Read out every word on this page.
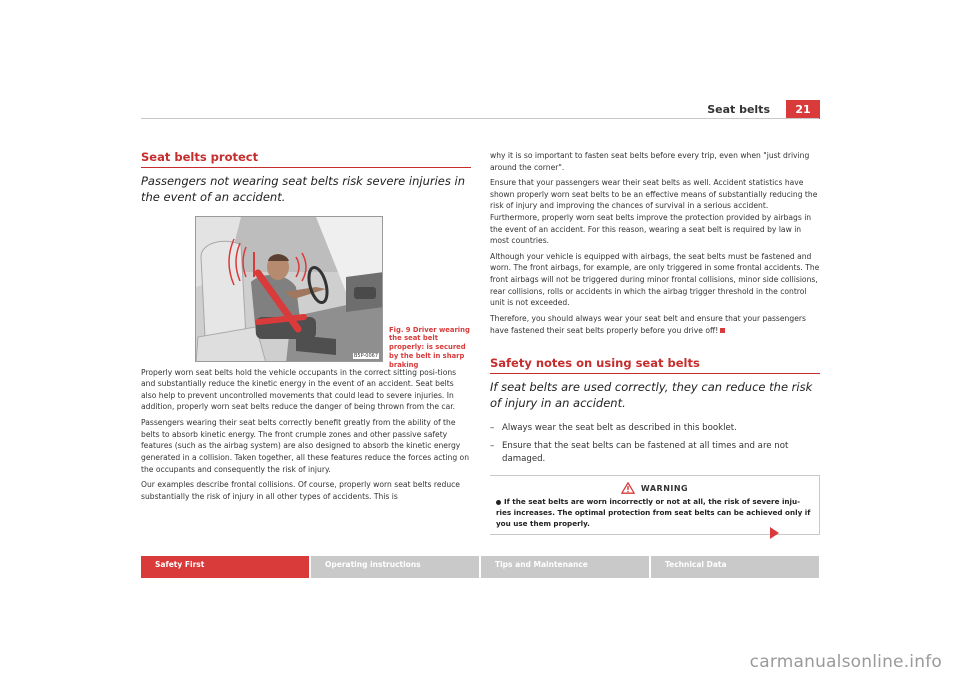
Seat belts	21
Seat belts protect
Passengers not wearing seat belts risk severe injuries in the event of an accident.
B5P-0067
Fig. 9 Driver wearing the seat belt properly: is secured by the belt in sharp braking

Properly worn seat belts hold the vehicle occupants in the correct sitting posi-tions and substantially reduce the kinetic energy in the event of an accident. Seat belts also help to prevent uncontrolled movements that could lead to severe injuries. In addition, properly worn seat belts reduce the danger of being thrown from the car.

Passengers wearing their seat belts correctly benefit greatly from the ability of the belts to absorb kinetic energy. The front crumple zones and other passive safety features (such as the airbag system) are also designed to absorb the kinetic energy generated in a collision. Taken together, all these features reduce the forces acting on the occupants and consequently the risk of injury.

Our examples describe frontal collisions. Of course, properly worn seat belts reduce substantially the risk of injury in all other types of accidents. This is

why it is so important to fasten seat belts before every trip, even when "just driving around the corner".

Ensure that your passengers wear their seat belts as well. Accident statistics have shown properly worn seat belts to be an effective means of substantially reducing the risk of injury and improving the chances of survival in a serious accident. Furthermore, properly worn seat belts improve the protection provided by airbags in the event of an accident. For this reason, wearing a seat belt is required by law in most countries.

Although your vehicle is equipped with airbags, the seat belts must be fastened and worn. The front airbags, for example, are only triggered in some frontal accidents. The front airbags will not be triggered during minor frontal collisions, minor side collisions, rear collisions, rolls or accidents in which the airbag trigger threshold in the control unit is not exceeded.

Therefore, you should always wear your seat belt and ensure that your passengers have fastened their seat belts properly before you drive off!

Safety notes on using seat belts
If seat belts are used correctly, they can reduce the risk of injury in an accident.
– Always wear the seat belt as described in this booklet.
– Ensure that the seat belts can be fastened at all times and are not damaged.
WARNING
If the seat belts are worn incorrectly or not at all, the risk of severe inju-ries increases. The optimal protection from seat belts can be achieved only if you use them properly.
Safety First	Operating instructions	Tips and Maintenance	Technical Data
carmanualsonline.info
